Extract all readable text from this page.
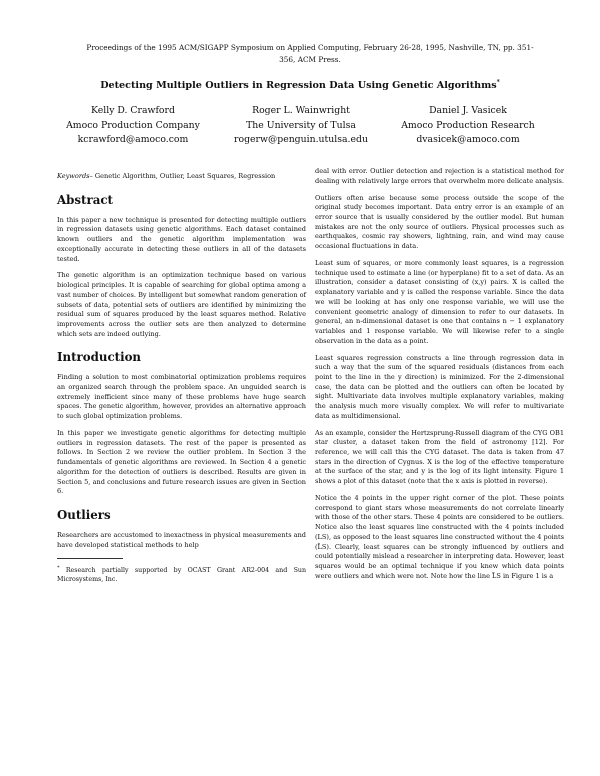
Proceedings of the 1995 ACM/SIGAPP Symposium on Applied Computing, February 26-28, 1995, Nashville, TN, pp. 351-356, ACM Press.
Detecting Multiple Outliers in Regression Data Using Genetic Algorithms*
Kelly D. Crawford
Amoco Production Company
kcrawford@amoco.com
Roger L. Wainwright
The University of Tulsa
rogerw@penguin.utulsa.edu
Daniel J. Vasicek
Amoco Production Research
dvasicek@amoco.com

Keywords– Genetic Algorithm, Outlier, Least Squares, Regression

Abstract

In this paper a new technique is presented for detecting multiple outliers in regression datasets using genetic algorithms. Each dataset contained known outliers and the genetic algorithm implementation was exceptionally accurate in detecting these outliers in all of the datasets tested.

The genetic algorithm is an optimization technique based on various biological principles. It is capable of searching for global optima among a vast number of choices. By intelligent but somewhat random generation of subsets of data, potential sets of outliers are identified by minimizing the residual sum of squares produced by the least squares method. Relative improvements across the outlier sets are then analyzed to determine which sets are indeed outlying.

Introduction

Finding a solution to most combinatorial optimization problems requires an organized search through the problem space. An unguided search is extremely inefficient since many of these problems have huge search spaces. The genetic algorithm, however, provides an alternative approach to such global optimization problems.

In this paper we investigate genetic algorithms for detecting multiple outliers in regression datasets. The rest of the paper is presented as follows. In Section 2 we review the outlier problem. In Section 3 the fundamentals of genetic algorithms are reviewed. In Section 4 a genetic algorithm for the detection of outliers is described. Results are given in Section 5, and conclusions and future research issues are given in Section 6.

Outliers

Researchers are accustomed to inexactness in physical measurements and have developed statistical methods to help

* Research partially supported by OCAST Grant AR2-004 and Sun Microsystems, Inc.

deal with error. Outlier detection and rejection is a statistical method for dealing with relatively large errors that overwhelm more delicate analysis.

Outliers often arise because some process outside the scope of the original study becomes important. Data entry error is an example of an error source that is usually considered by the outlier model. But human mistakes are not the only source of outliers. Physical processes such as earthquakes, cosmic ray showers, lightning, rain, and wind may cause occasional fluctuations in data.

Least sum of squares, or more commonly least squares, is a regression technique used to estimate a line (or hyperplane) fit to a set of data. As an illustration, consider a dataset consisting of (x,y) pairs. X is called the explanatory variable and y is called the response variable. Since the data we will be looking at has only one response variable, we will use the convenient geometric analogy of dimension to refer to our datasets. In general, an n-dimensional dataset is one that contains n − 1 explanatory variables and 1 response variable. We will likewise refer to a single observation in the data as a point.

Least squares regression constructs a line through regression data in such a way that the sum of the squared residuals (distances from each point to the line in the y direction) is minimized. For the 2-dimensional case, the data can be plotted and the outliers can often be located by sight. Multivariate data involves multiple explanatory variables, making the analysis much more visually complex. We will refer to multivariate data as multidimensional.

As an example, consider the Hertzsprung-Russell diagram of the CYG OB1 star cluster, a dataset taken from the field of astronomy [12]. For reference, we will call this the CYG dataset. The data is taken from 47 stars in the direction of Cygnus. X is the log of the effective temperature at the surface of the star, and y is the log of its light intensity. Figure 1 shows a plot of this dataset (note that the x axis is plotted in reverse).

Notice the 4 points in the upper right corner of the plot. These points correspond to giant stars whose measurements do not correlate linearly with those of the other stars. These 4 points are considered to be outliers. Notice also the least squares line constructed with the 4 points included (LS), as opposed to the least squares line constructed without the 4 points (L̃S). Clearly, least squares can be strongly influenced by outliers and could potentially mislead a researcher in interpreting data. However, least squares would be an optimal technique if you knew which data points were outliers and which were not. Note how the line L̃S in Figure 1 is a
